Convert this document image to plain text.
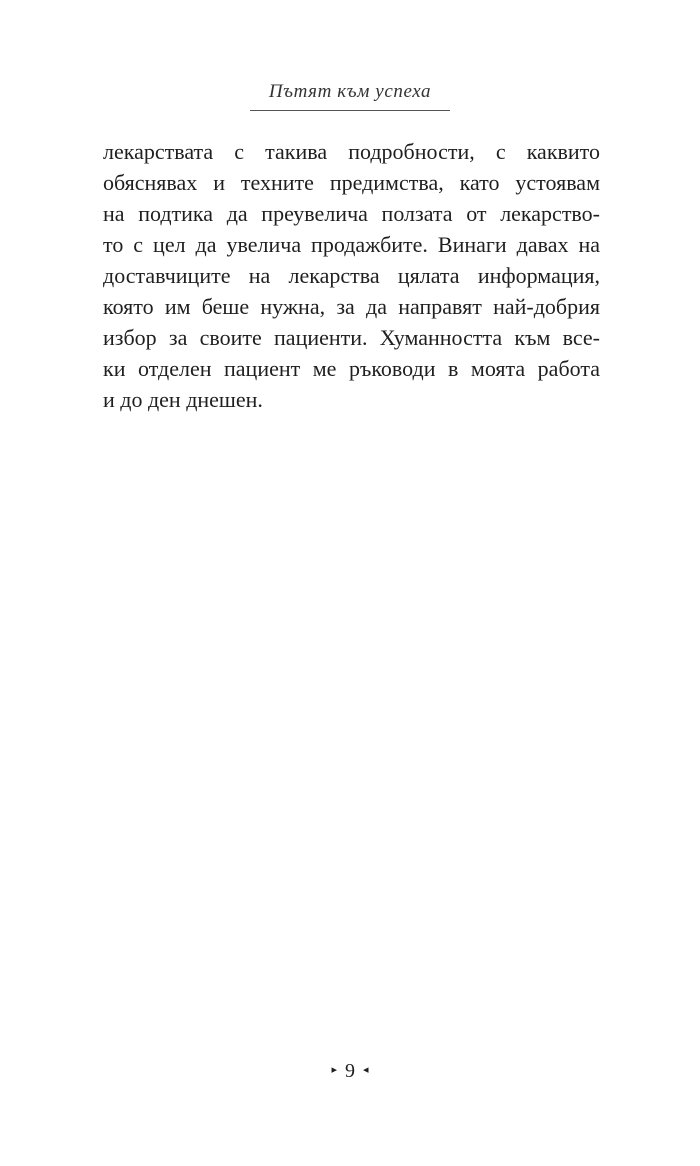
Пътят към успеха
лекарствата с такива подробности, с каквито
обяснявах и техните предимства, като устоявам
на подтика да преувеличa ползата от лекарство-
то с цел да увелича продажбите. Винаги давах на
доставчиците на лекарства цялата информация,
която им беше нужна, за да направят най-добрия
избор за своите пациенти. Хуманността към все-
ки отделен пациент ме ръководи в моята работа
и до ден днешен.
▸ 9 ◂
